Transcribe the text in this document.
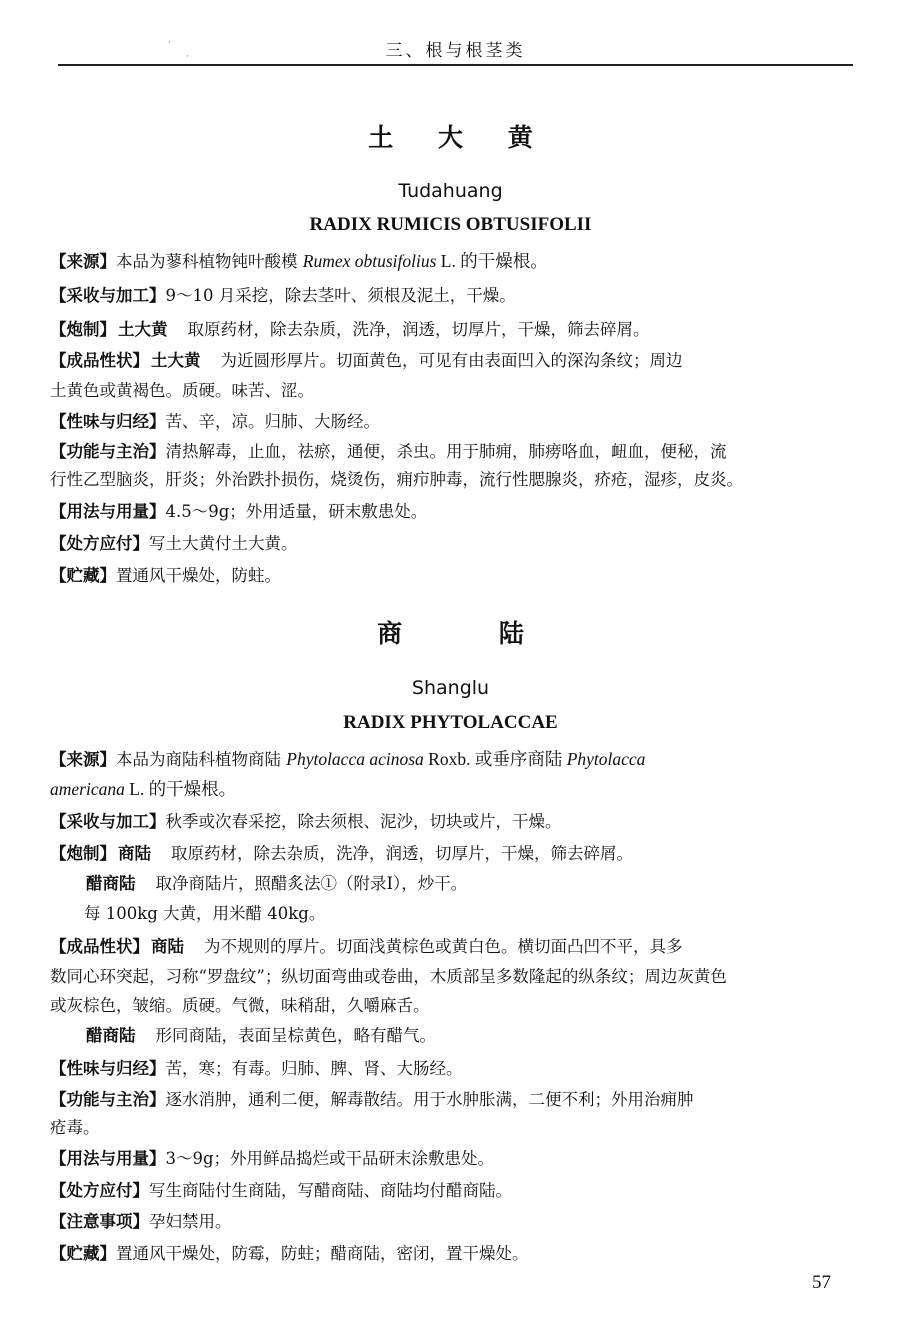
·
·	三、根与根茎类
土 大 黄
Tudahuang
RADIX RUMICIS OBTUSIFOLII
【来源】本品为蓼科植物钝叶酸模 Rumex obtusifolius L. 的干燥根。
【采收与加工】9～10 月采挖，除去茎叶、须根及泥土，干燥。
【炮制】 土大黄 取原药材，除去杂质，洗净，润透，切厚片，干燥，筛去碎屑。
【成品性状】 土大黄 为近圆形厚片。切面黄色，可见有由表面凹入的深沟条纹；周边
土黄色或黄褐色。质硬。味苦、涩。
【性味与归经】苦、辛，凉。归肺、大肠经。
【功能与主治】清热解毒，止血，祛瘀，通便，杀虫。用于肺痈，肺痨咯血，衄血，便秘，流
行性乙型脑炎，肝炎；外治跌扑损伤，烧烫伤，痈疖肿毒，流行性腮腺炎，疥疮，湿疹，皮炎。
【用法与用量】4.5～9g；外用适量，研末敷患处。
【处方应付】写土大黄付土大黄。
【贮藏】置通风干燥处，防蛀。
商 陆
Shanglu
RADIX PHYTOLACCAE
【来源】本品为商陆科植物商陆 Phytolacca acinosa Roxb. 或垂序商陆 Phytolacca
americana L. 的干燥根。
【采收与加工】秋季或次春采挖，除去须根、泥沙，切块或片，干燥。
【炮制】 商陆 取原药材，除去杂质，洗净，润透，切厚片，干燥，筛去碎屑。
醋商陆 取净商陆片，照醋炙法①（附录Ⅰ），炒干。
每 100kg 大黄，用米醋 40kg。
【成品性状】 商陆 为不规则的厚片。切面浅黄棕色或黄白色。横切面凸凹不平，具多
数同心环突起，习称“罗盘纹”；纵切面弯曲或卷曲，木质部呈多数隆起的纵条纹；周边灰黄色
或灰棕色，皱缩。质硬。气微，味稍甜，久嚼麻舌。
醋商陆 形同商陆，表面呈棕黄色，略有醋气。
【性味与归经】苦，寒；有毒。归肺、脾、肾、大肠经。
【功能与主治】逐水消肿，通利二便，解毒散结。用于水肿胀满，二便不利；外用治痈肿
疮毒。
【用法与用量】3～9g；外用鲜品捣烂或干品研末涂敷患处。
【处方应付】写生商陆付生商陆，写醋商陆、商陆均付醋商陆。
【注意事项】孕妇禁用。
【贮藏】置通风干燥处，防霉，防蛀；醋商陆，密闭，置干燥处。
57
